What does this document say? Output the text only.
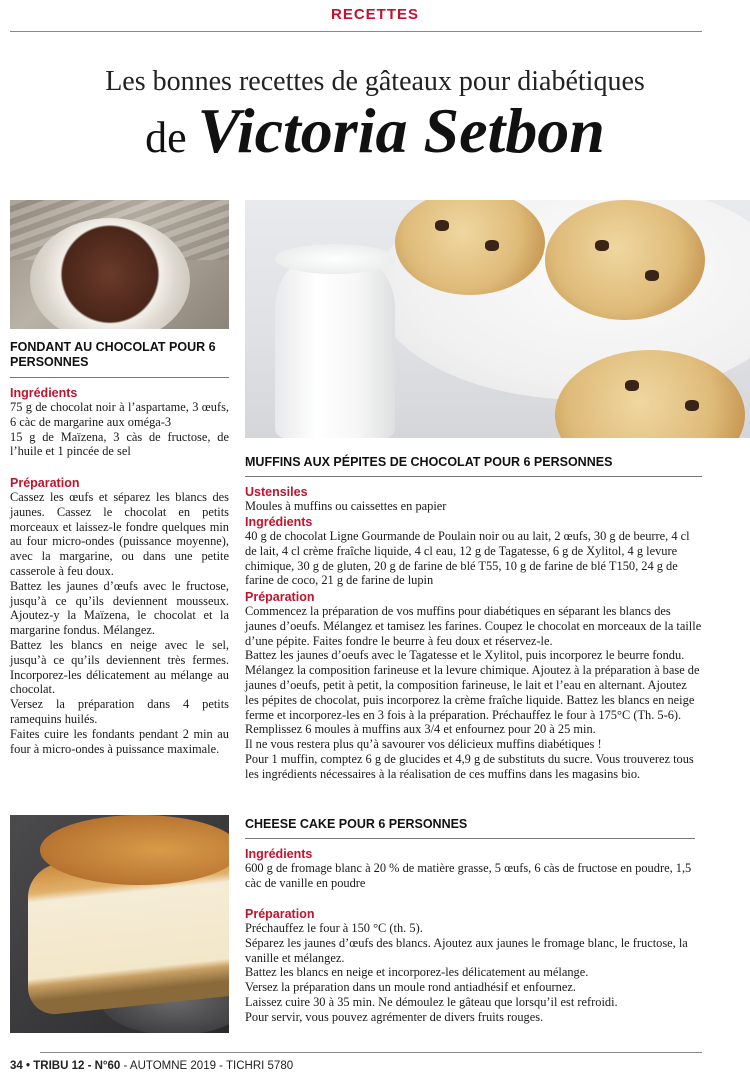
RECETTES
Les bonnes recettes de gâteaux pour diabétiques
de Victoria Setbon
FONDANT AU CHOCOLAT POUR 6 PERSONNES
Ingrédients

75 g de chocolat noir à l’aspartame, 3 œufs, 6 càc de margarine aux oméga-3

15 g de Maïzena, 3 càs de fructose, de l’huile et 1 pincée de sel

Préparation

Cassez les œufs et séparez les blancs des jaunes. Cassez le chocolat en petits morceaux et laissez-le fondre quelques min au four micro-ondes (puissance moyenne), avec la margarine, ou dans une petite casserole à feu doux.

Battez les jaunes d’œufs avec le fructose, jusqu’à ce qu’ils deviennent mousseux. Ajoutez-y la Maïzena, le chocolat et la margarine fondus. Mélangez.

Battez les blancs en neige avec le sel, jusqu’à ce qu’ils deviennent très fermes. Incorporez-les délicatement au mélange au chocolat.

Versez la préparation dans 4 petits ramequins huilés.

Faites cuire les fondants pendant 2 min au four à micro-ondes à puissance maximale.

MUFFINS AUX PÉPITES DE CHOCOLAT POUR 6 PERSONNES
Ustensiles
Moules à muffins ou caissettes en papier
Ingrédients
40 g de chocolat Ligne Gourmande de Poulain noir ou au lait, 2 œufs, 30 g de beurre, 4 cl de lait, 4 cl crème fraîche liquide, 4 cl eau, 12 g de Tagatesse, 6 g de Xylitol, 4 g levure chimique, 30 g de gluten, 20 g de farine de blé T55, 10 g de farine de blé T150, 24 g de farine de coco, 21 g de farine de lupin
Préparation

Commencez la préparation de vos muffins pour diabétiques en séparant les blancs des jaunes d’oeufs. Mélangez et tamisez les farines. Coupez le chocolat en morceaux de la taille d’une pépite. Faites fondre le beurre à feu doux et réservez-le.

Battez les jaunes d’oeufs avec le Tagatesse et le Xylitol, puis incorporez le beurre fondu. Mélangez la composition farineuse et la levure chimique. Ajoutez à la préparation à base de jaunes d’oeufs, petit à petit, la composition farineuse, le lait et l’eau en alternant. Ajoutez les pépites de chocolat, puis incorporez la crème fraîche liquide. Battez les blancs en neige ferme et incorporez-les en 3 fois à la préparation. Préchauffez le four à 175°C (Th. 5-6). Remplissez 6 moules à muffins aux 3/4 et enfournez pour 20 à 25 min.

Il ne vous restera plus qu’à savourer vos délicieux muffins diabétiques !

Pour 1 muffin, comptez 6 g de glucides et 4,9 g de substituts du sucre. Vous trouverez tous les ingrédients nécessaires à la réalisation de ces muffins dans les magasins bio.

CHEESE CAKE POUR 6 PERSONNES
Ingrédients
600 g de fromage blanc à 20 % de matière grasse, 5 œufs, 6 càs de fructose en poudre, 1,5 càc de vanille en poudre
Préparation

Préchauffez le four à 150 °C (th. 5).

Séparez les jaunes d’œufs des blancs. Ajoutez aux jaunes le fromage blanc, le fructose, la vanille et mélangez.

Battez les blancs en neige et incorporez-les délicatement au mélange.

Versez la préparation dans un moule rond antiadhésif et enfournez.

Laissez cuire 30 à 35 min. Ne démoulez le gâteau que lorsqu’il est refroidi.

Pour servir, vous pouvez agrémenter de divers fruits rouges.

34 • TRIBU 12 - N°60 - AUTOMNE 2019 - TICHRI 5780
